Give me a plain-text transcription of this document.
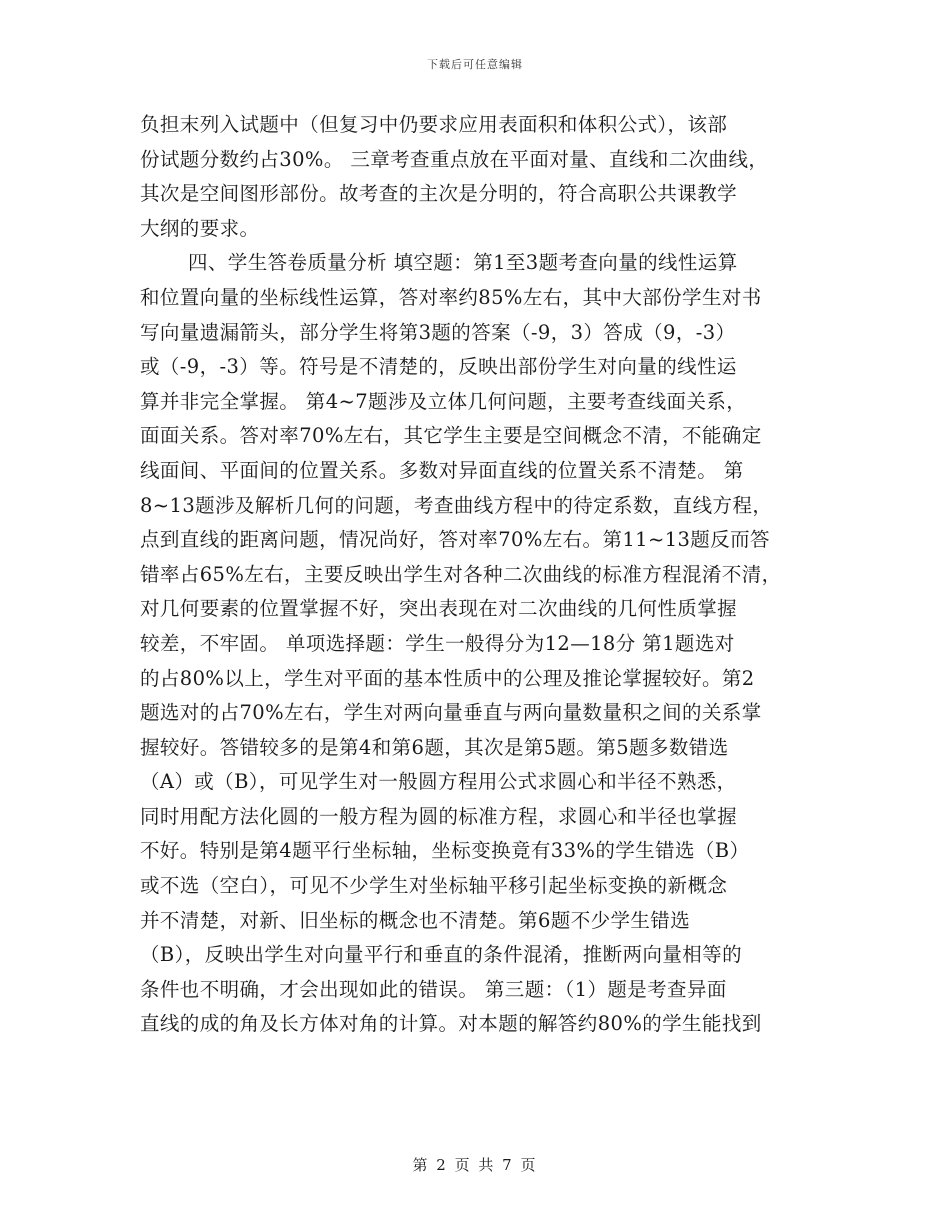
下载后可任意编辑
负担末列入试题中（但复习中仍要求应用表面积和体积公式），该部
份试题分数约占30%。 三章考查重点放在平面对量、直线和二次曲线，
其次是空间图形部份。故考查的主次是分明的，符合高职公共课教学
大纲的要求。
四、学生答卷质量分析 填空题：第1至3题考查向量的线性运算
和位置向量的坐标线性运算，答对率约85%左右，其中大部份学生对书
写向量遗漏箭头，部分学生将第3题的答案（-9，3）答成（9，-3）
或（-9，-3）等。符号是不清楚的，反映出部份学生对向量的线性运
算并非完全掌握。 第4~7题涉及立体几何问题，主要考查线面关系，
面面关系。答对率70%左右，其它学生主要是空间概念不清，不能确定
线面间、平面间的位置关系。多数对异面直线的位置关系不清楚。 第
8~13题涉及解析几何的问题，考查曲线方程中的待定系数，直线方程，
点到直线的距离问题，情况尚好，答对率70%左右。第11~13题反而答
错率占65%左右，主要反映出学生对各种二次曲线的标准方程混淆不清，
对几何要素的位置掌握不好，突出表现在对二次曲线的几何性质掌握
较差，不牢固。 单项选择题：学生一般得分为12—18分 第1题选对
的占80%以上，学生对平面的基本性质中的公理及推论掌握较好。第2
题选对的占70%左右，学生对两向量垂直与两向量数量积之间的关系掌
握较好。答错较多的是第4和第6题，其次是第5题。第5题多数错选
（A）或（B），可见学生对一般圆方程用公式求圆心和半径不熟悉，
同时用配方法化圆的一般方程为圆的标准方程，求圆心和半径也掌握
不好。特别是第4题平行坐标轴，坐标变换竟有33%的学生错选（B）
或不选（空白），可见不少学生对坐标轴平移引起坐标变换的新概念
并不清楚，对新、旧坐标的概念也不清楚。第6题不少学生错选
（B），反映出学生对向量平行和垂直的条件混淆，推断两向量相等的
条件也不明确，才会出现如此的错误。 第三题：（1）题是考查异面
直线的成的角及长方体对角的计算。对本题的解答约80%的学生能找到
第 2 页 共 7 页
